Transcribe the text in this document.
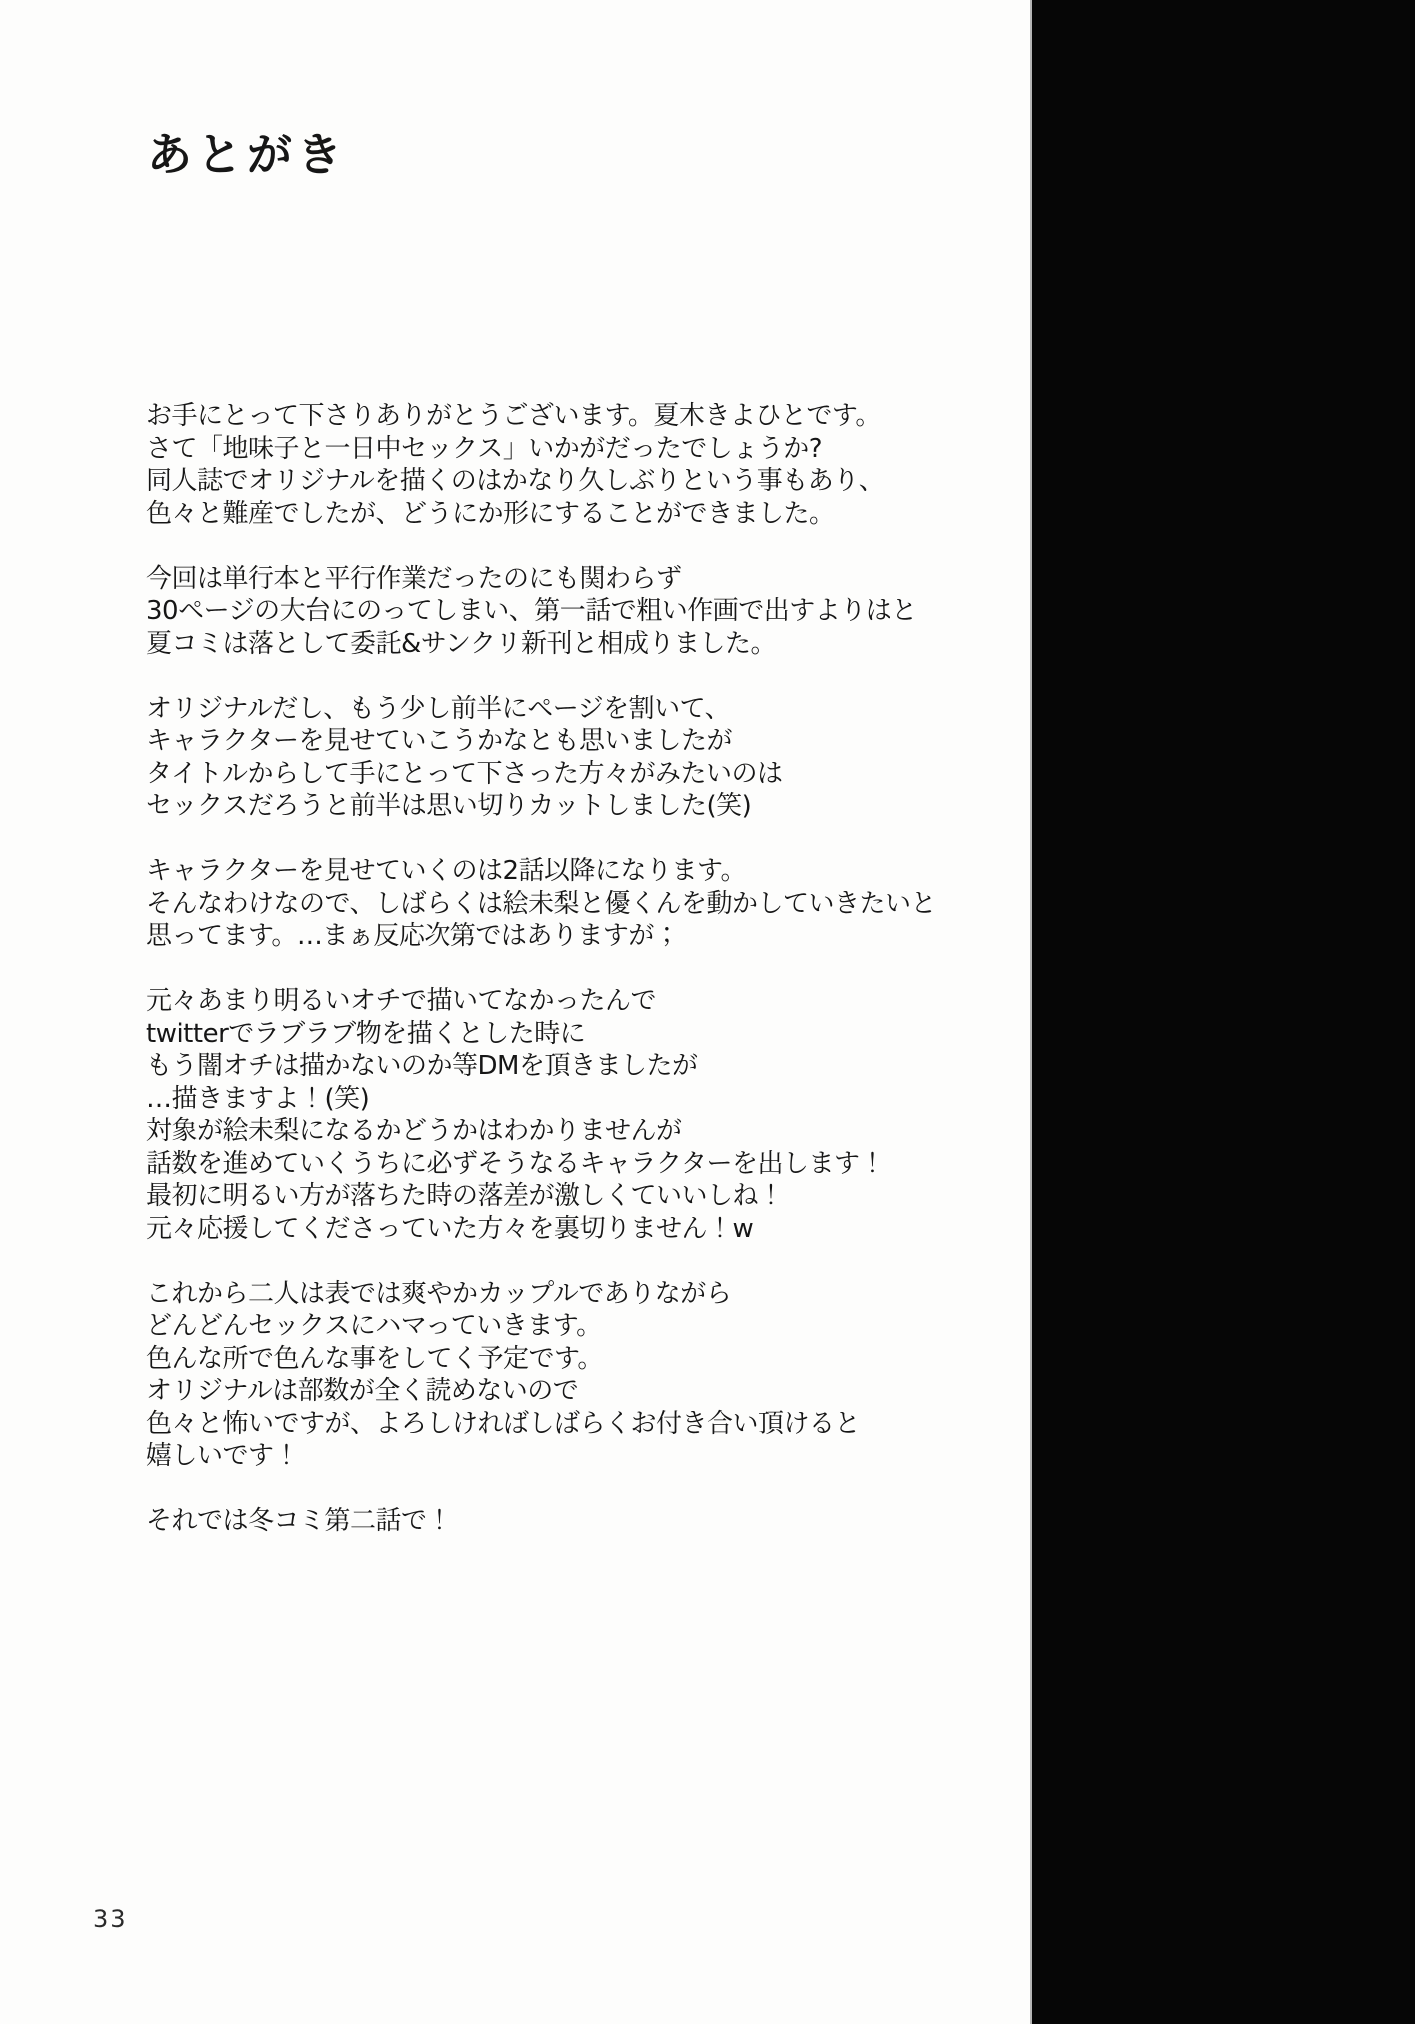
あとがき
お手にとって下さりありがとうございます。夏木きよひとです。
さて「地味子と一日中セックス」いかがだったでしょうか?
同人誌でオリジナルを描くのはかなり久しぶりという事もあり、
色々と難産でしたが、どうにか形にすることができました。
今回は単行本と平行作業だったのにも関わらず
30ページの大台にのってしまい、第一話で粗い作画で出すよりはと
夏コミは落として委託&サンクリ新刊と相成りました。
オリジナルだし、もう少し前半にページを割いて、
キャラクターを見せていこうかなとも思いましたが
タイトルからして手にとって下さった方々がみたいのは
セックスだろうと前半は思い切りカットしました(笑)
キャラクターを見せていくのは2話以降になります。
そんなわけなので、しばらくは絵未梨と優くんを動かしていきたいと
思ってます。…まぁ反応次第ではありますが；
元々あまり明るいオチで描いてなかったんで
twitterでラブラブ物を描くとした時に
もう闇オチは描かないのか等DMを頂きましたが
…描きますよ！(笑)
対象が絵未梨になるかどうかはわかりませんが
話数を進めていくうちに必ずそうなるキャラクターを出します！
最初に明るい方が落ちた時の落差が激しくていいしね！
元々応援してくださっていた方々を裏切りません！w
これから二人は表では爽やかカップルでありながら
どんどんセックスにハマっていきます。
色んな所で色んな事をしてく予定です。
オリジナルは部数が全く読めないので
色々と怖いですが、よろしければしばらくお付き合い頂けると
嬉しいです！
それでは冬コミ第二話で！
33
